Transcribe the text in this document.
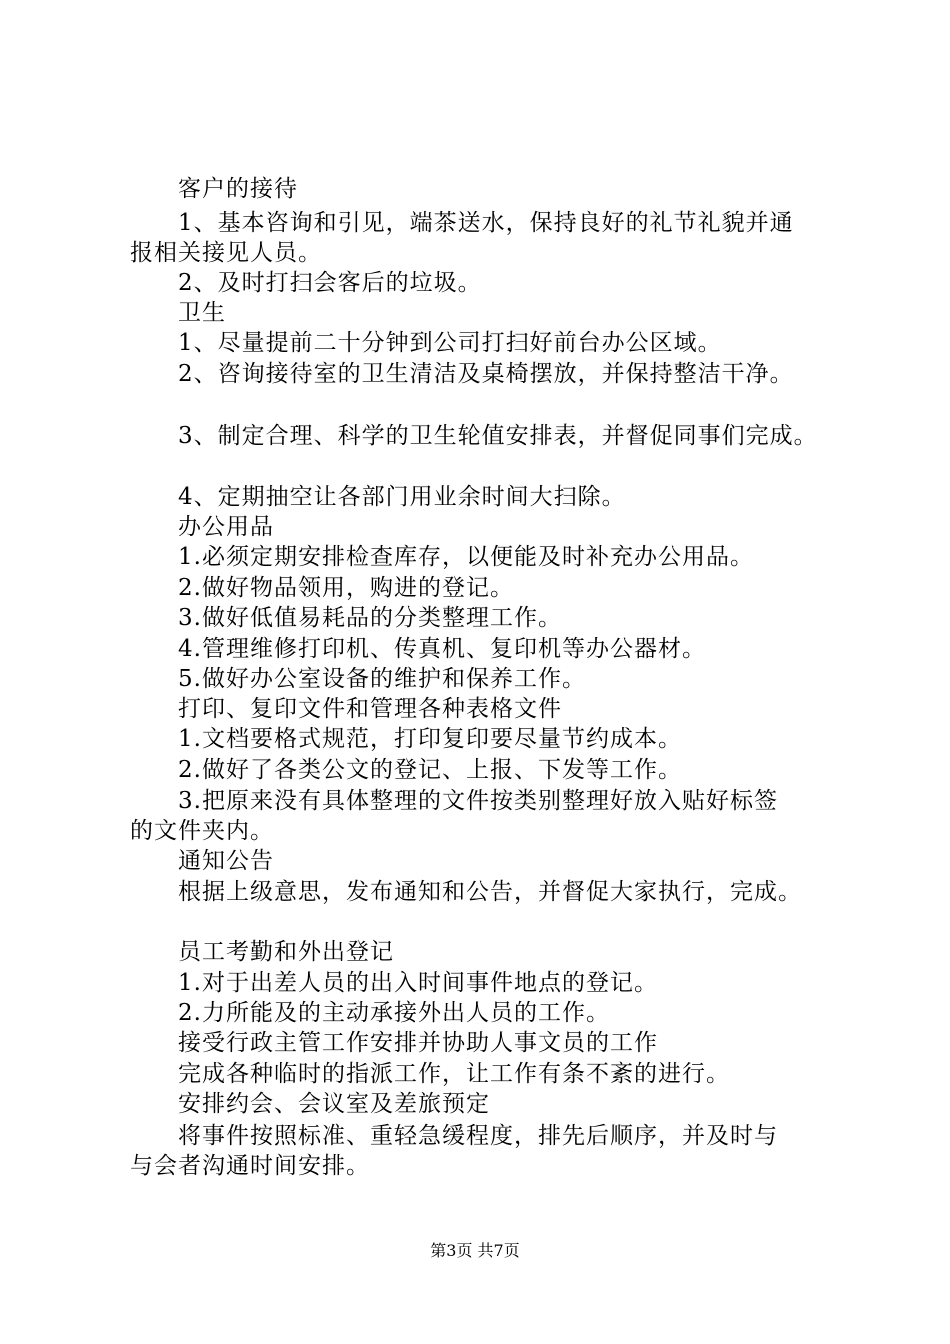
客户的接待
1、基本咨询和引见，端茶送水，保持良好的礼节礼貌并通
报相关接见人员。
2、及时打扫会客后的垃圾。
卫生
1、尽量提前二十分钟到公司打扫好前台办公区域。
2、咨询接待室的卫生清洁及桌椅摆放，并保持整洁干净。
3、制定合理、科学的卫生轮值安排表，并督促同事们完成。
4、定期抽空让各部门用业余时间大扫除。
办公用品
1.必须定期安排检查库存，以便能及时补充办公用品。
2.做好物品领用，购进的登记。
3.做好低值易耗品的分类整理工作。
4.管理维修打印机、传真机、复印机等办公器材。
5.做好办公室设备的维护和保养工作。
打印、复印文件和管理各种表格文件
1.文档要格式规范，打印复印要尽量节约成本。
2.做好了各类公文的登记、上报、下发等工作。
3.把原来没有具体整理的文件按类别整理好放入贴好标签
的文件夹内。
通知公告
根据上级意思，发布通知和公告，并督促大家执行，完成。
员工考勤和外出登记
1.对于出差人员的出入时间事件地点的登记。
2.力所能及的主动承接外出人员的工作。
接受行政主管工作安排并协助人事文员的工作
完成各种临时的指派工作，让工作有条不紊的进行。
安排约会、会议室及差旅预定
将事件按照标准、重轻急缓程度，排先后顺序，并及时与
与会者沟通时间安排。
第3页 共7页
